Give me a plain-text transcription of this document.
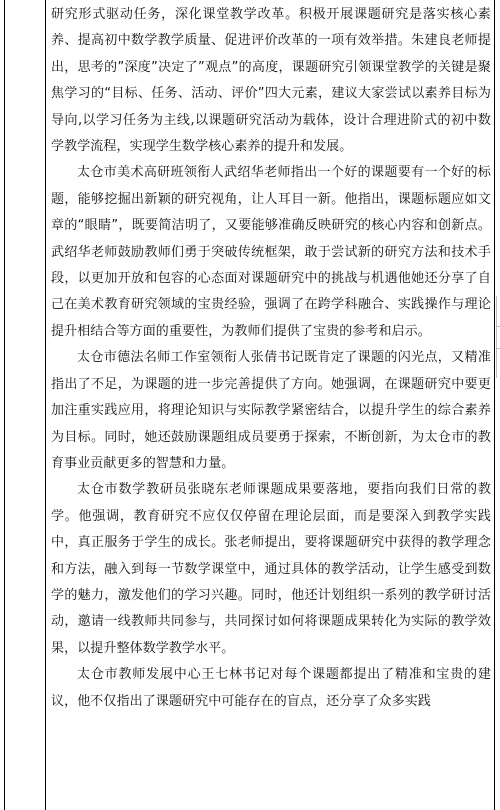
研究形式驱动任务，深化课堂教学改革。积极开展课题研究是落实核心素养、提高初中数学教学质量、促进评价改革的一项有效举措。朱建良老师提出，思考的”深度”决定了”观点”的高度，课题研究引领课堂教学的关键是聚焦学习的“目标、任务、活动、评价”四大元素，建议大家尝试以素养目标为导向,以学习任务为主线,以课题研究活动为载体，设计合理进阶式的初中数学教学流程，实现学生数学核心素养的提升和发展。

太仓市美术高研班领衔人武绍华老师指出一个好的课题要有一个好的标题，能够挖掘出新颖的研究视角，让人耳目一新。他指出，课题标题应如文章的“眼睛”，既要简洁明了，又要能够准确反映研究的核心内容和创新点。武绍华老师鼓励教师们勇于突破传统框架，敢于尝试新的研究方法和技术手段，以更加开放和包容的心态面对课题研究中的挑战与机遇他她还分享了自己在美术教育研究领域的宝贵经验，强调了在跨学科融合、实践操作与理论提升相结合等方面的重要性，为教师们提供了宝贵的参考和启示。

太仓市德法名师工作室领衔人张倩书记既肯定了课题的闪光点，又精准指出了不足，为课题的进一步完善提供了方向。她强调，在课题研究中要更加注重实践应用，将理论知识与实际教学紧密结合，以提升学生的综合素养为目标。同时，她还鼓励课题组成员要勇于探索，不断创新，为太仓市的教育事业贡献更多的智慧和力量。

太仓市数学教研员张晓东老师课题成果要落地，要指向我们日常的教学。他强调，教育研究不应仅仅停留在理论层面，而是要深入到教学实践中，真正服务于学生的成长。张老师提出，要将课题研究中获得的教学理念和方法，融入到每一节数学课堂中，通过具体的教学活动，让学生感受到数学的魅力，激发他们的学习兴趣。同时，他还计划组织一系列的教学研讨活动，邀请一线教师共同参与，共同探讨如何将课题成果转化为实际的教学效果，以提升整体数学教学水平。

太仓市教师发展中心王七林书记对每个课题都提出了精准和宝贵的建议，他不仅指出了课题研究中可能存在的盲点，还分享了众多实践
